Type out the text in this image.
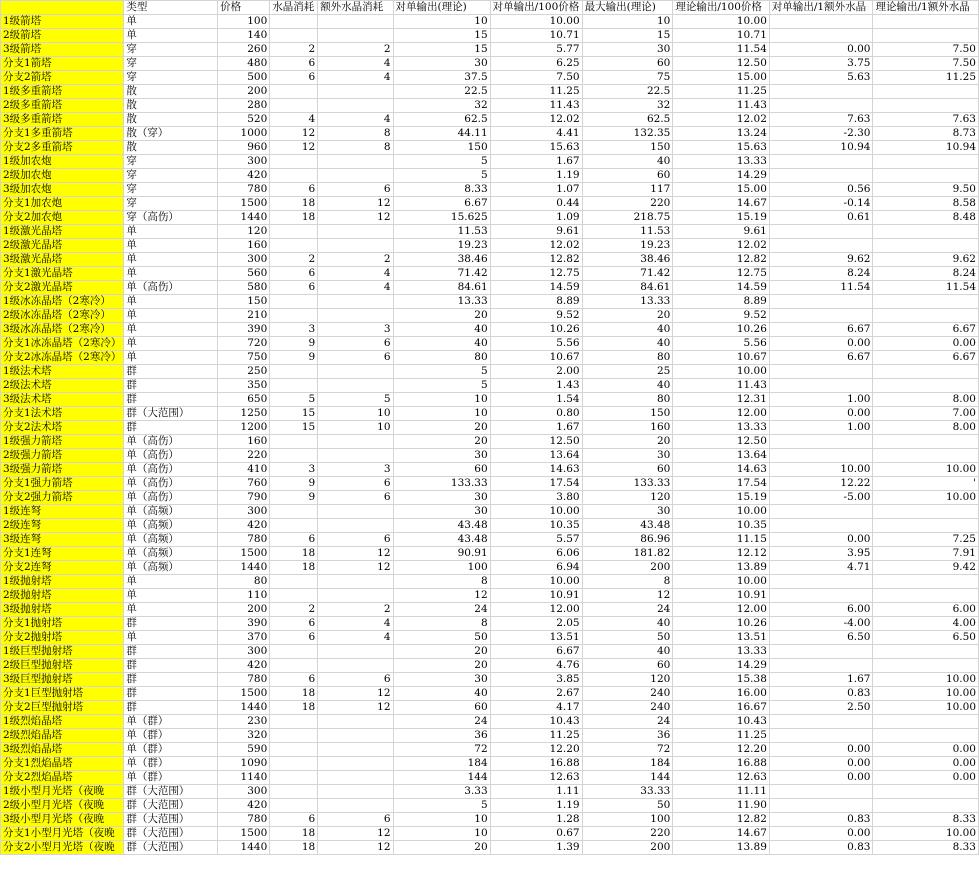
	类型	价格	水晶消耗	额外水晶消耗	对单输出(理论)	对单输出/100价格	最大输出(理论)	理论输出/100价格	对单输出/1额外水晶	理论输出/1额外水晶
1级箭塔	单	100			10	10.00	10	10.00		
2级箭塔	单	140			15	10.71	15	10.71		
3级箭塔	穿	260	2	2	15	5.77	30	11.54	0.00	7.50
分支1箭塔	穿	480	6	4	30	6.25	60	12.50	3.75	7.50
分支2箭塔	穿	500	6	4	37.5	7.50	75	15.00	5.63	11.25
1级多重箭塔	散	200			22.5	11.25	22.5	11.25		
2级多重箭塔	散	280			32	11.43	32	11.43		
3级多重箭塔	散	520	4	4	62.5	12.02	62.5	12.02	7.63	7.63
分支1多重箭塔	散（穿）	1000	12	8	44.11	4.41	132.35	13.24	-2.30	8.73
分支2多重箭塔	散	960	12	8	150	15.63	150	15.63	10.94	10.94
1级加农炮	穿	300			5	1.67	40	13.33		
2级加农炮	穿	420			5	1.19	60	14.29		
3级加农炮	穿	780	6	6	8.33	1.07	117	15.00	0.56	9.50
分支1加农炮	穿	1500	18	12	6.67	0.44	220	14.67	-0.14	8.58
分支2加农炮	穿（高伤）	1440	18	12	15.625	1.09	218.75	15.19	0.61	8.48
1级激光晶塔	单	120			11.53	9.61	11.53	9.61		
2级激光晶塔	单	160			19.23	12.02	19.23	12.02		
3级激光晶塔	单	300	2	2	38.46	12.82	38.46	12.82	9.62	9.62
分支1激光晶塔	单	560	6	4	71.42	12.75	71.42	12.75	8.24	8.24
分支2激光晶塔	单（高伤）	580	6	4	84.61	14.59	84.61	14.59	11.54	11.54
1级冰冻晶塔（2寒冷）	单	150			13.33	8.89	13.33	8.89		
2级冰冻晶塔（2寒冷）	单	210			20	9.52	20	9.52		
3级冰冻晶塔（2寒冷）	单	390	3	3	40	10.26	40	10.26	6.67	6.67
分支1冰冻晶塔（2寒冷）	单	720	9	6	40	5.56	40	5.56	0.00	0.00
分支2冰冻晶塔（2寒冷）	单	750	9	6	80	10.67	80	10.67	6.67	6.67
1级法术塔	群	250			5	2.00	25	10.00		
2级法术塔	群	350			5	1.43	40	11.43		
3级法术塔	群	650	5	5	10	1.54	80	12.31	1.00	8.00
分支1法术塔	群（大范围）	1250	15	10	10	0.80	150	12.00	0.00	7.00
分支2法术塔	群	1200	15	10	20	1.67	160	13.33	1.00	8.00
1级强力箭塔	单（高伤）	160			20	12.50	20	12.50		
2级强力箭塔	单（高伤）	220			30	13.64	30	13.64		
3级强力箭塔	单（高伤）	410	3	3	60	14.63	60	14.63	10.00	10.00
分支1强力箭塔	单（高伤）	760	9	6	133.33	17.54	133.33	17.54	12.22	'
分支2强力箭塔	单（高伤）	790	9	6	30	3.80	120	15.19	-5.00	10.00
1级连弩	单（高频）	300			30	10.00	30	10.00		
2级连弩	单（高频）	420			43.48	10.35	43.48	10.35		
3级连弩	单（高频）	780	6	6	43.48	5.57	86.96	11.15	0.00	7.25
分支1连弩	单（高频）	1500	18	12	90.91	6.06	181.82	12.12	3.95	7.91
分支2连弩	单（高频）	1440	18	12	100	6.94	200	13.89	4.71	9.42
1级抛射塔	单	80			8	10.00	8	10.00		
2级抛射塔	单	110			12	10.91	12	10.91		
3级抛射塔	单	200	2	2	24	12.00	24	12.00	6.00	6.00
分支1抛射塔	群	390	6	4	8	2.05	40	10.26	-4.00	4.00
分支2抛射塔	单	370	6	4	50	13.51	50	13.51	6.50	6.50
1级巨型抛射塔	群	300			20	6.67	40	13.33		
2级巨型抛射塔	群	420			20	4.76	60	14.29		
3级巨型抛射塔	群	780	6	6	30	3.85	120	15.38	1.67	10.00
分支1巨型抛射塔	群	1500	18	12	40	2.67	240	16.00	0.83	10.00
分支2巨型抛射塔	群	1440	18	12	60	4.17	240	16.67	2.50	10.00
1级烈焰晶塔	单（群）	230			24	10.43	24	10.43		
2级烈焰晶塔	单（群）	320			36	11.25	36	11.25		
3级烈焰晶塔	单（群）	590			72	12.20	72	12.20	0.00	0.00
分支1烈焰晶塔	单（群）	1090			184	16.88	184	16.88	0.00	0.00
分支2烈焰晶塔	单（群）	1140			144	12.63	144	12.63	0.00	0.00
1级小型月光塔（夜晚	群（大范围）	300			3.33	1.11	33.33	11.11		
2级小型月光塔（夜晚	群（大范围）	420			5	1.19	50	11.90		
3级小型月光塔（夜晚	群（大范围）	780	6	6	10	1.28	100	12.82	0.83	8.33
分支1小型月光塔（夜晚	群（大范围）	1500	18	12	10	0.67	220	14.67	0.00	10.00
分支2小型月光塔（夜晚	群（大范围）	1440	18	12	20	1.39	200	13.89	0.83	8.33
